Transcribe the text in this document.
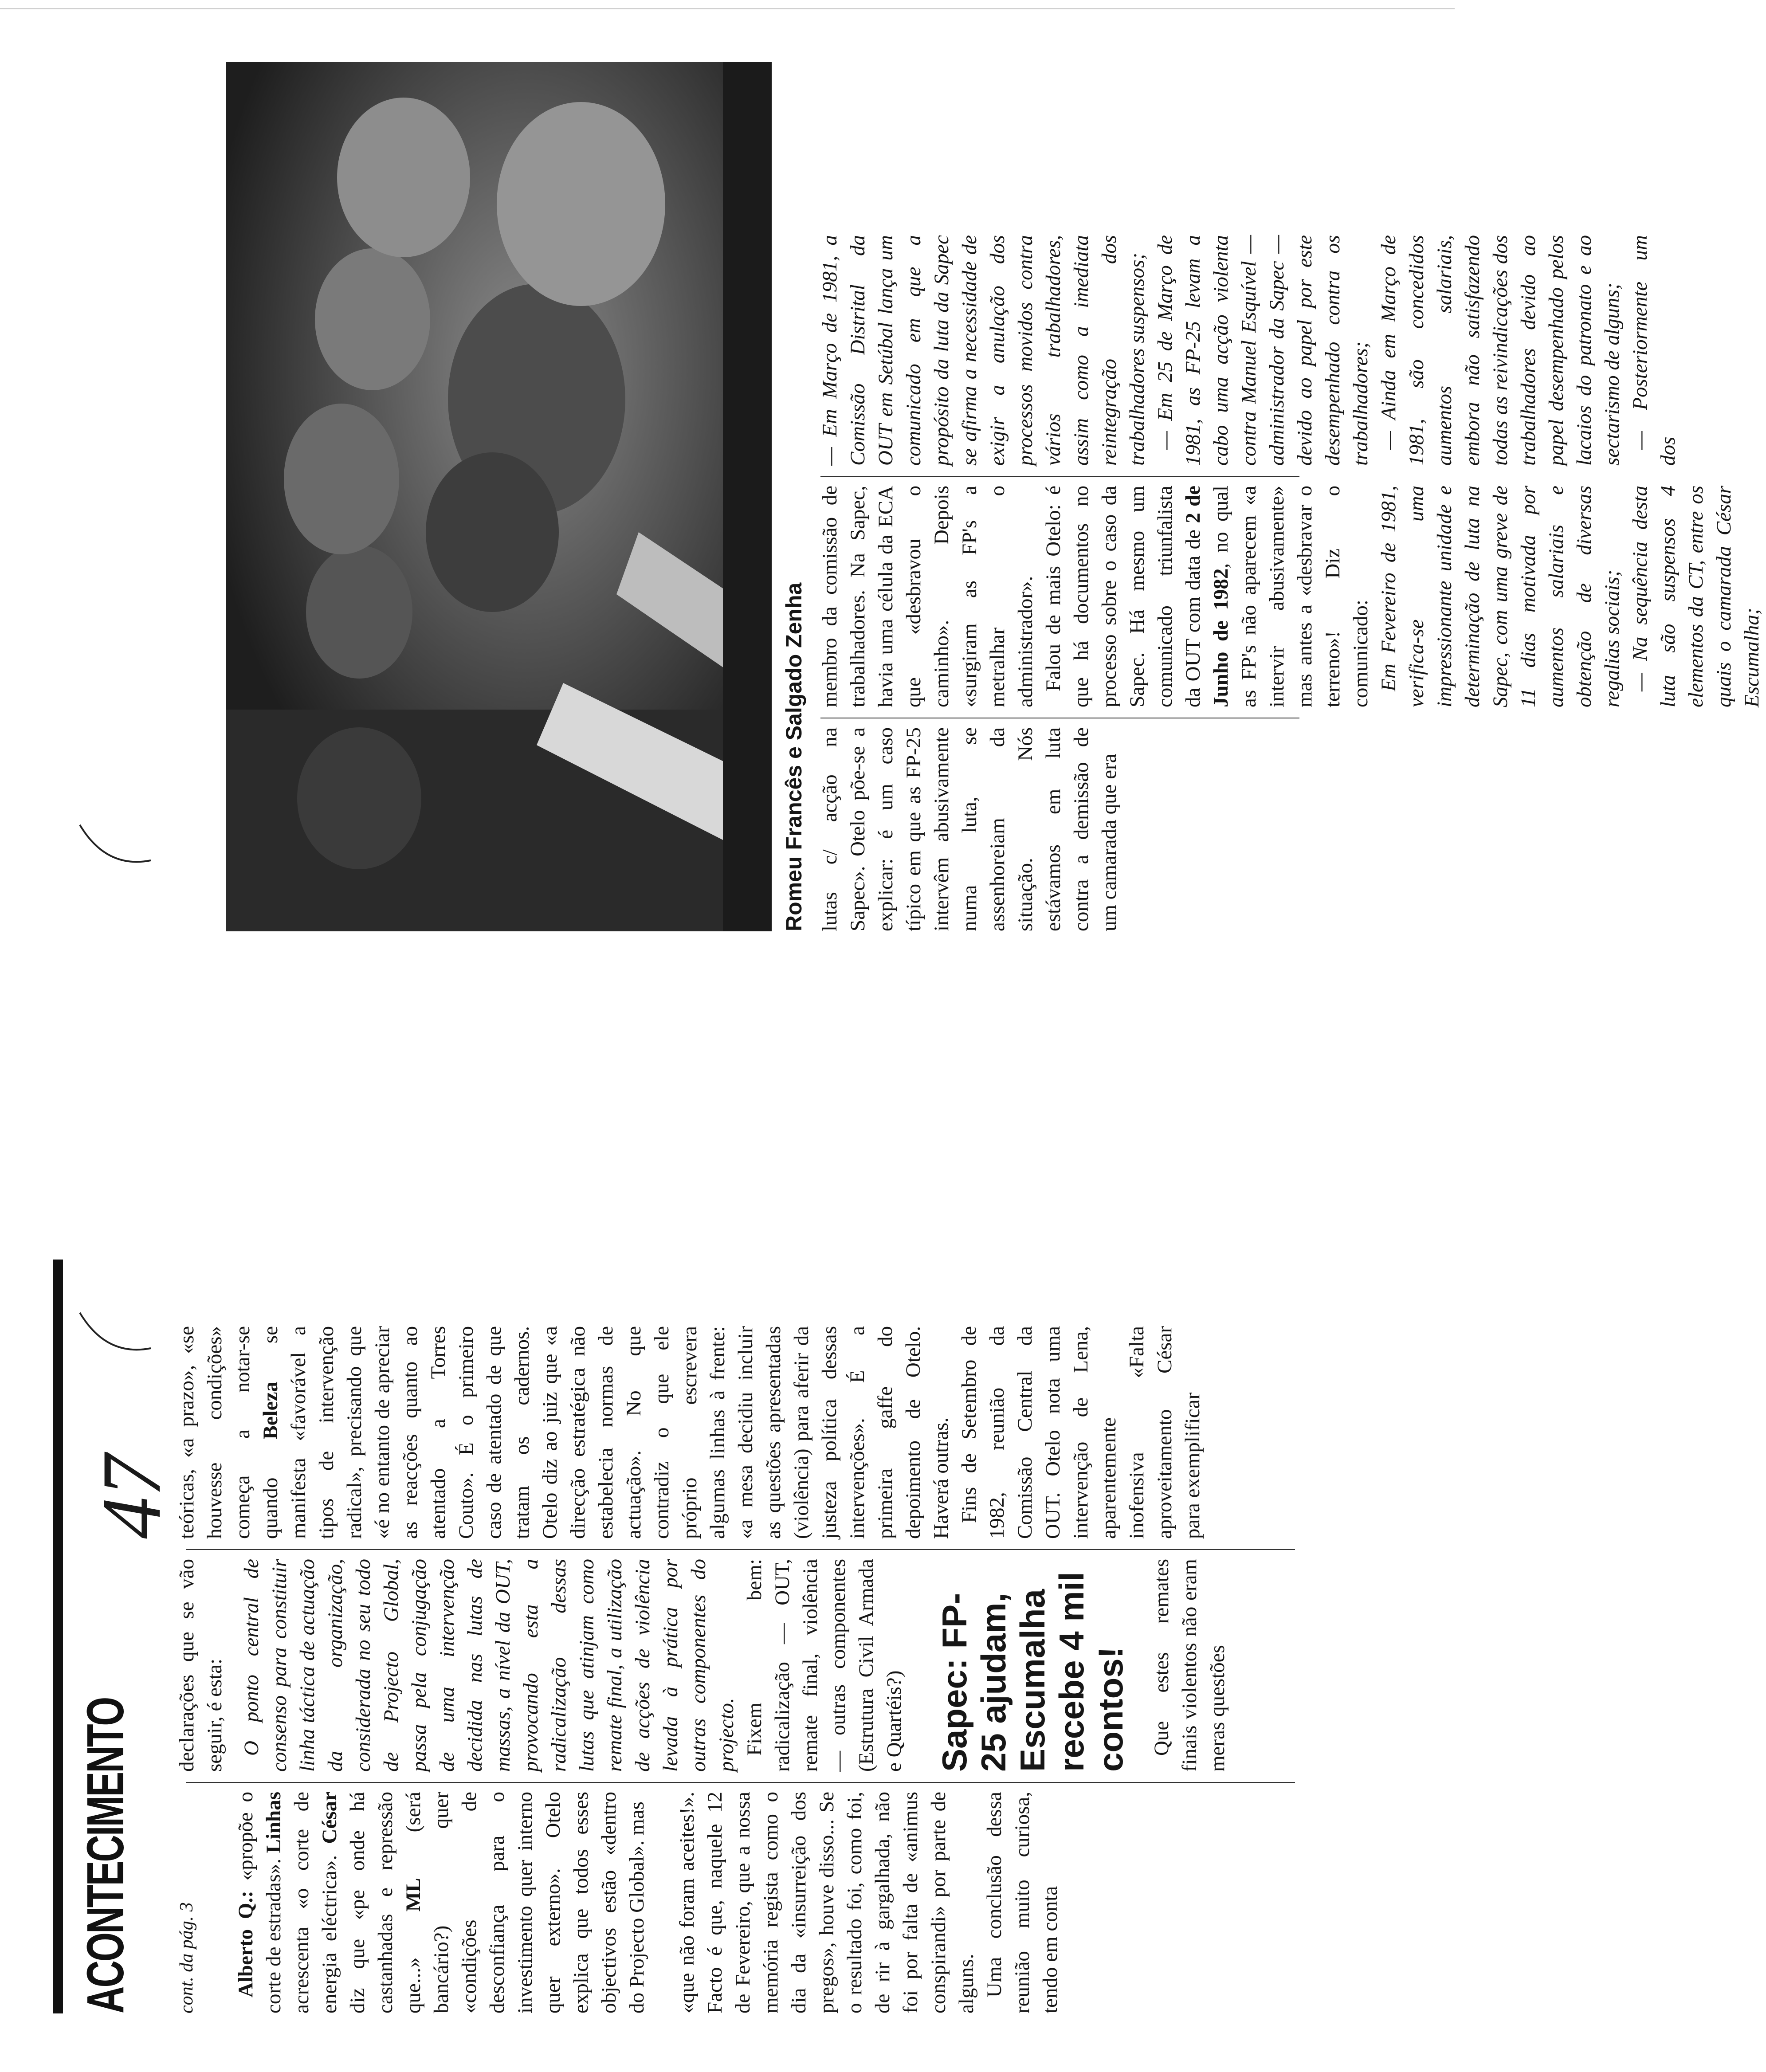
ACONTECIMENTO
47

cont. da pág. 3 Alberto Q.: «propõe o corte de estradas». Linhas acrescenta «o corte de energia eléctrica». César diz que «pe onde há castanhadas e repressão que...» ML (será bancário?) quer «condições de desconfiança para o investimento quer interno quer externo». Otelo explica que todos esses objectivos estão «dentro do Projecto Global». mas «que não foram aceites!». Facto é que, naquele 12 de Fevereiro, que a nossa memória regista como o dia da «insurreição dos pregos», houve disso... Se o resultado foi, como foi, de rir à gargalhada, não foi por falta de «animus conspirandi» por parte de alguns. Uma conclusão dessa reunião muito curiosa, tendo em conta

declarações que se vão seguir, é esta: O ponto central de consenso para constituir linha táctica de actuação da organização, considerada no seu todo de Projecto Global, passa pela conjugação de uma intervenção decidida nas lutas de massas, a nível da OUT, provocando esta a radicalização dessas lutas que atinjam como remate final, a utilização de acções de violência levada à prática por outras componentes do projecto. Fixem bem: radicalização — OUT, remate final, violência — outras componentes (Estrutura Civil Armada e Quartéis?) Sapec: FP-25 ajudam, Escumalha recebe 4 mil contos! Que estes remates finais violentos não eram meras questões

teóricas, «a prazo», «se houvesse condições» começa a notar-se quando Beleza se manifesta «favorável a tipos de intervenção radical», precisando que «é no entanto de apreciar as reacções quanto ao atentado a Torres Couto». É o primeiro caso de atentado de que tratam os cadernos. Otelo diz ao juiz que «a direcção estratégica não estabelecia normas de actuação». No que contradiz o que ele próprio escrevera algumas linhas à frente: «a mesa decidiu incluir as questões apresentadas (violência) para aferir da justeza política dessas intervenções». É a primeira gaffe do depoimento de Otelo. Haverá outras. Fins de Setembro de 1982, reunião da Comissão Central da OUT. Otelo nota uma intervenção de Lena, aparentemente inofensiva «Falta aproveitamento César para exemplificar

Romeu Francês e Salgado Zenha lutas c/ acção na Sapec». Otelo põe-se a explicar: é um caso típico em que as FP-25 intervêm abusivamente numa luta, se assenhoreiam da situação. Nós estávamos em luta contra a demissão de um camarada que era

membro da comissão de trabalhadores. Na Sapec, havia uma célula da ECA que «desbravou o caminho». Depois «surgiram as FP's a metralhar o administrador». Falou de mais Otelo: é que há documentos no processo sobre o caso da Sapec. Há mesmo um comunicado triunfalista da OUT com data de 2 de Junho de 1982, no qual as FP's não aparecem «a intervir abusivamente» mas antes a «desbravar o terreno»! Diz o comunicado: Em Fevereiro de 1981, verifica-se uma impressionante unidade e determinação de luta na Sapec, com uma greve de 11 dias motivada por aumentos salariais e obtenção de diversas regalias sociais; — Na sequência desta luta são suspensos 4 elementos da CT, entre os quais o camarada César Escumalha;

— Em Março de 1981, a Comissão Distrital da OUT em Setúbal lança um comunicado em que a propósito da luta da Sapec se afirma a necessidade de exigir a anulação dos processos movidos contra vários trabalhadores, assim como a imediata reintegração dos trabalhadores suspensos; — Em 25 de Março de 1981, as FP-25 levam a cabo uma acção violenta contra Manuel Esquível — administrador da Sapec — devido ao papel por este desempenhado contra os trabalhadores; — Ainda em Março de 1981, são concedidos aumentos salariais, embora não satisfazendo todas as reivindicações dos trabalhadores devido ao papel desempenhado pelos lacaios do patronato e ao sectarismo de alguns; — Posteriormente um dos
